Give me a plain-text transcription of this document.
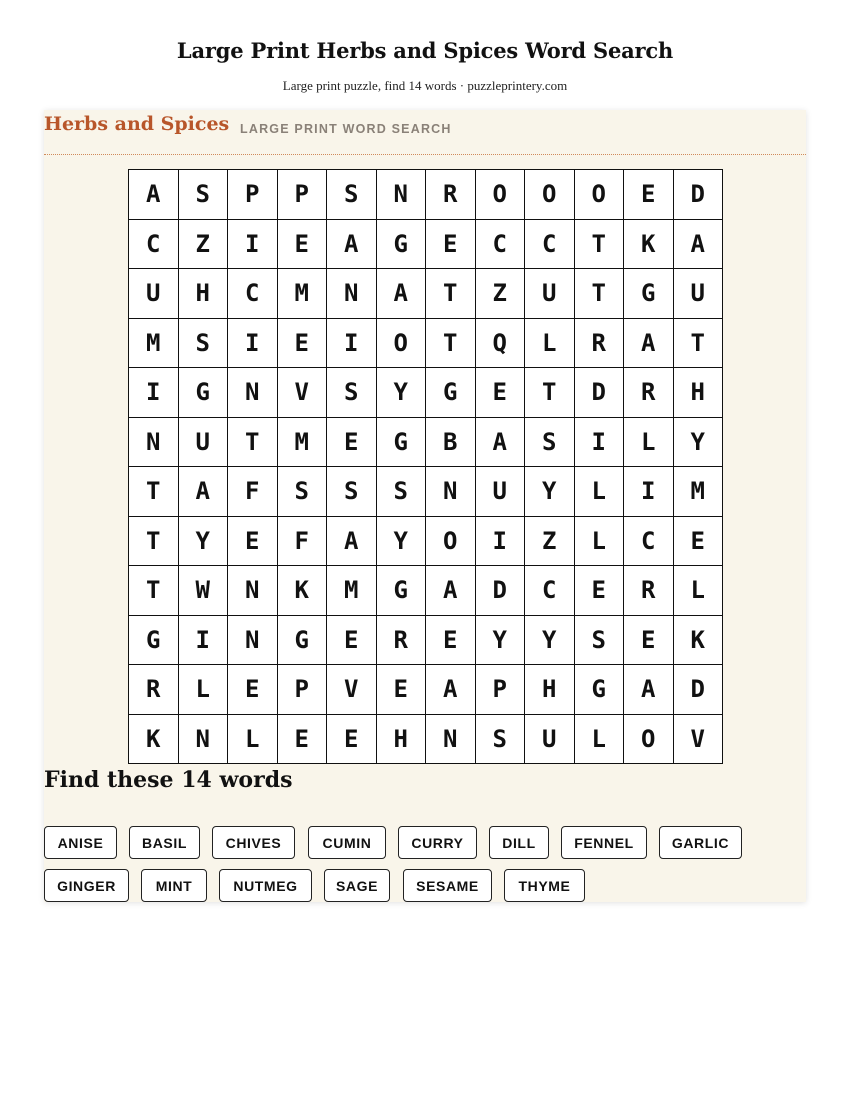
Large Print Herbs and Spices Word Search
Large print puzzle, find 14 words · puzzleprintery.com
Herbs and Spices LARGE PRINT WORD SEARCH
A	S	P	P	S	N	R	O	O	O	E	D
C	Z	I	E	A	G	E	C	C	T	K	A
U	H	C	M	N	A	T	Z	U	T	G	U
M	S	I	E	I	O	T	Q	L	R	A	T
I	G	N	V	S	Y	G	E	T	D	R	H
N	U	T	M	E	G	B	A	S	I	L	Y
T	A	F	S	S	S	N	U	Y	L	I	M
T	Y	E	F	A	Y	O	I	Z	L	C	E
T	W	N	K	M	G	A	D	C	E	R	L
G	I	N	G	E	R	E	Y	Y	S	E	K
R	L	E	P	V	E	A	P	H	G	A	D
K	N	L	E	E	H	N	S	U	L	O	V
Find these 14 words
ANISE	BASIL	CHIVES	CUMIN	CURRY	DILL	FENNEL	GARLIC
GINGER	MINT	NUTMEG	SAGE	SESAME	THYME
